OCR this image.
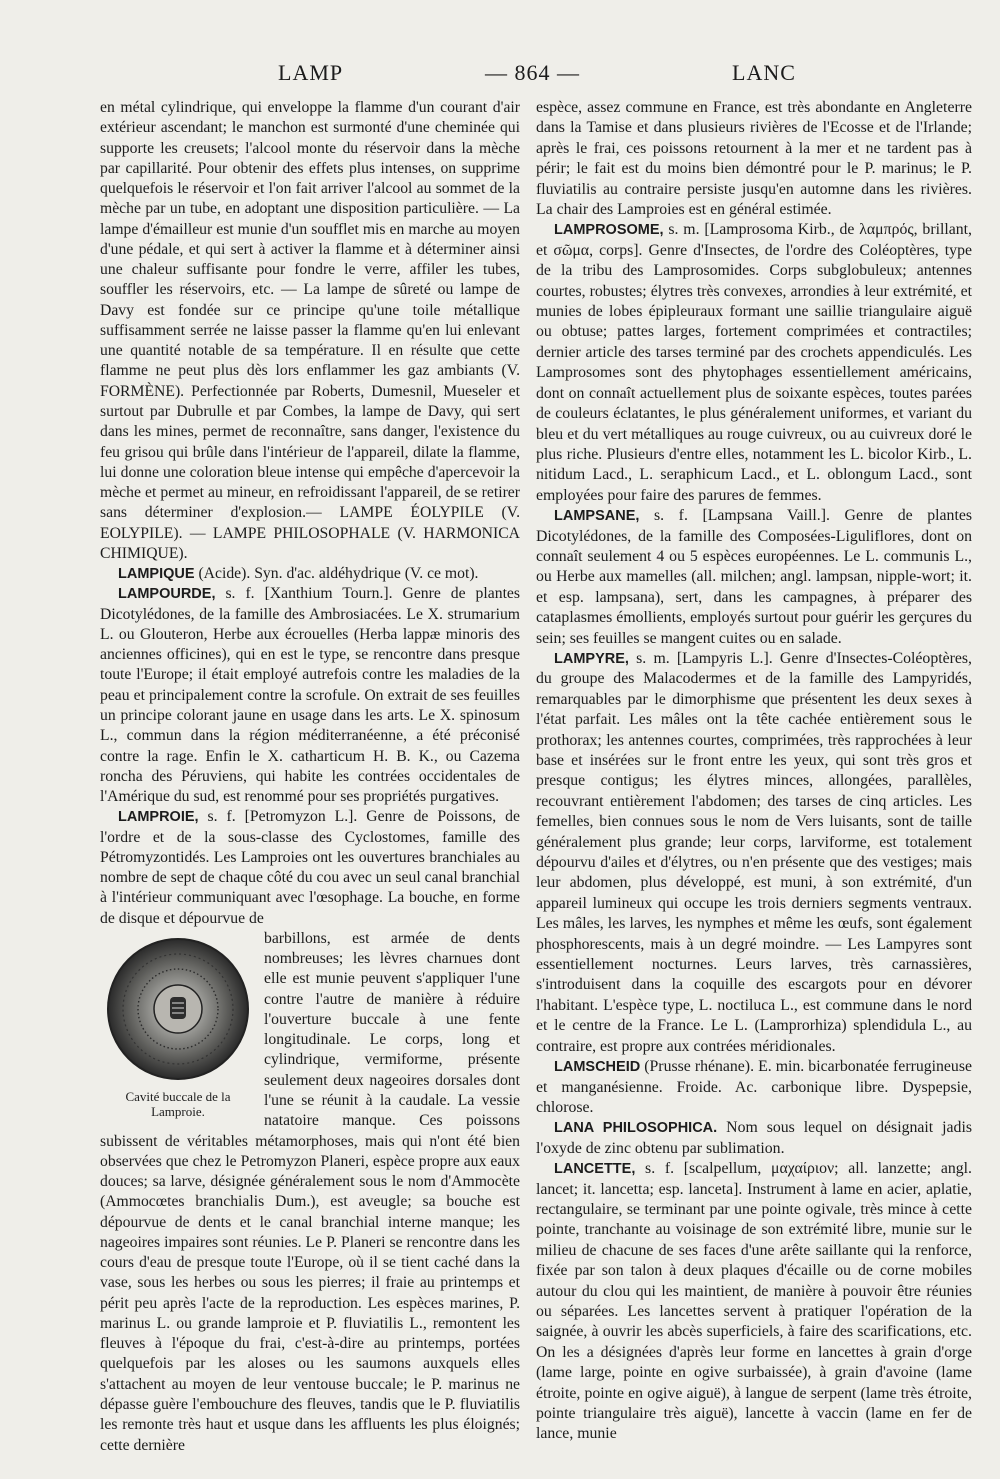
LAMP	— 864 —	LANC

en métal cylindrique, qui enveloppe la flamme d'un courant d'air extérieur ascendant; le manchon est surmonté d'une cheminée qui supporte les creusets; l'alcool monte du réservoir dans la mèche par capillarité. Pour obtenir des effets plus intenses, on supprime quelquefois le réservoir et l'on fait arriver l'alcool au sommet de la mèche par un tube, en adoptant une disposition particulière. — La lampe d'émailleur est munie d'un soufflet mis en marche au moyen d'une pédale, et qui sert à activer la flamme et à déterminer ainsi une chaleur suffisante pour fondre le verre, affiler les tubes, souffler les réservoirs, etc. — La lampe de sûreté ou lampe de Davy est fondée sur ce principe qu'une toile métallique suffisamment serrée ne laisse passer la flamme qu'en lui enlevant une quantité notable de sa température. Il en résulte que cette flamme ne peut plus dès lors enflammer les gaz ambiants (V. FORMÈNE). Perfectionnée par Roberts, Dumesnil, Mueseler et surtout par Dubrulle et par Combes, la lampe de Davy, qui sert dans les mines, permet de reconnaître, sans danger, l'existence du feu grisou qui brûle dans l'intérieur de l'appareil, dilate la flamme, lui donne une coloration bleue intense qui empêche d'apercevoir la mèche et permet au mineur, en refroidissant l'appareil, de se retirer sans déterminer d'explosion.— LAMPE ÉOLYPILE (V. EOLYPILE). — LAMPE PHILOSOPHALE (V. HARMONICA CHIMIQUE).

LAMPIQUE (Acide). Syn. d'ac. aldéhydrique (V. ce mot).

LAMPOURDE, s. f. [Xanthium Tourn.]. Genre de plantes Dicotylédones, de la famille des Ambrosiacées. Le X. strumarium L. ou Glouteron, Herbe aux écrouelles (Herba lappæ minoris des anciennes officines), qui en est le type, se rencontre dans presque toute l'Europe; il était employé autrefois contre les maladies de la peau et principalement contre la scrofule. On extrait de ses feuilles un principe colorant jaune en usage dans les arts. Le X. spinosum L., commun dans la région méditerranéenne, a été préconisé contre la rage. Enfin le X. catharticum H. B. K., ou Cazema roncha des Péruviens, qui habite les contrées occidentales de l'Amérique du sud, est renommé pour ses propriétés purgatives.

LAMPROIE, s. f. [Petromyzon L.]. Genre de Poissons, de l'ordre et de la sous-classe des Cyclostomes, famille des Pétromyzontidés. Les Lamproies ont les ouvertures branchiales au nombre de sept de chaque côté du cou avec un seul canal branchial à l'intérieur communiquant avec l'œsophage. La bouche, en forme de disque et dépourvue de

Cavité buccale de la Lamproie.

barbillons, est armée de dents nombreuses; les lèvres charnues dont elle est munie peuvent s'appliquer l'une contre l'autre de manière à réduire l'ouverture buccale à une fente longitudinale. Le corps, long et cylindrique, vermiforme, présente seulement deux nageoires dorsales dont l'une se réunit à la caudale. La vessie natatoire manque. Ces poissons subissent de véritables métamorphoses, mais qui n'ont été bien observées que chez le Petromyzon Planeri, espèce propre aux eaux douces; sa larve, désignée généralement sous le nom d'Ammocète (Ammocœtes branchialis Dum.), est aveugle; sa bouche est dépourvue de dents et le canal branchial interne manque; les nageoires impaires sont réunies. Le P. Planeri se rencontre dans les cours d'eau de presque toute l'Europe, où il se tient caché dans la vase, sous les herbes ou sous les pierres; il fraie au printemps et périt peu après l'acte de la reproduction. Les espèces marines, P. marinus L. ou grande lamproie et P. fluviatilis L., remontent les fleuves à l'époque du frai, c'est-à-dire au printemps, portées quelquefois par les aloses ou les saumons auxquels elles s'attachent au moyen de leur ventouse buccale; le P. marinus ne dépasse guère l'embouchure des fleuves, tandis que le P. fluviatilis les remonte très haut et usque dans les affluents les plus éloignés; cette dernière

espèce, assez commune en France, est très abondante en Angleterre dans la Tamise et dans plusieurs rivières de l'Ecosse et de l'Irlande; après le frai, ces poissons retournent à la mer et ne tardent pas à périr; le fait est du moins bien démontré pour le P. marinus; le P. fluviatilis au contraire persiste jusqu'en automne dans les rivières. La chair des Lamproies est en général estimée.

LAMPROSOME, s. m. [Lamprosoma Kirb., de λαμπρός, brillant, et σῶμα, corps]. Genre d'Insectes, de l'ordre des Coléoptères, type de la tribu des Lamprosomides. Corps subglobuleux; antennes courtes, robustes; élytres très convexes, arrondies à leur extrémité, et munies de lobes épipleuraux formant une saillie triangulaire aiguë ou obtuse; pattes larges, fortement comprimées et contractiles; dernier article des tarses terminé par des crochets appendiculés. Les Lamprosomes sont des phytophages essentiellement américains, dont on connaît actuellement plus de soixante espèces, toutes parées de couleurs éclatantes, le plus généralement uniformes, et variant du bleu et du vert métalliques au rouge cuivreux, ou au cuivreux doré le plus riche. Plusieurs d'entre elles, notamment les L. bicolor Kirb., L. nitidum Lacd., L. seraphicum Lacd., et L. oblongum Lacd., sont employées pour faire des parures de femmes.

LAMPSANE, s. f. [Lampsana Vaill.]. Genre de plantes Dicotylédones, de la famille des Composées-Liguliflores, dont on connaît seulement 4 ou 5 espèces européennes. Le L. communis L., ou Herbe aux mamelles (all. milchen; angl. lampsan, nipple-wort; it. et esp. lampsana), sert, dans les campagnes, à préparer des cataplasmes émollients, employés surtout pour guérir les gerçures du sein; ses feuilles se mangent cuites ou en salade.

LAMPYRE, s. m. [Lampyris L.]. Genre d'Insectes-Coléoptères, du groupe des Malacodermes et de la famille des Lampyridés, remarquables par le dimorphisme que présentent les deux sexes à l'état parfait. Les mâles ont la tête cachée entièrement sous le prothorax; les antennes courtes, comprimées, très rapprochées à leur base et insérées sur le front entre les yeux, qui sont très gros et presque contigus; les élytres minces, allongées, parallèles, recouvrant entièrement l'abdomen; des tarses de cinq articles. Les femelles, bien connues sous le nom de Vers luisants, sont de taille généralement plus grande; leur corps, larviforme, est totalement dépourvu d'ailes et d'élytres, ou n'en présente que des vestiges; mais leur abdomen, plus développé, est muni, à son extrémité, d'un appareil lumineux qui occupe les trois derniers segments ventraux. Les mâles, les larves, les nymphes et même les œufs, sont également phosphorescents, mais à un degré moindre. — Les Lampyres sont essentiellement nocturnes. Leurs larves, très carnassières, s'introduisent dans la coquille des escargots pour en dévorer l'habitant. L'espèce type, L. noctiluca L., est commune dans le nord et le centre de la France. Le L. (Lamprorhiza) splendidula L., au contraire, est propre aux contrées méridionales.

LAMSCHEID (Prusse rhénane). E. min. bicarbonatée ferrugineuse et manganésienne. Froide. Ac. carbonique libre. Dyspepsie, chlorose.

LANA PHILOSOPHICA. Nom sous lequel on désignait jadis l'oxyde de zinc obtenu par sublimation.

LANCETTE, s. f. [scalpellum, μαχαίριον; all. lanzette; angl. lancet; it. lancetta; esp. lanceta]. Instrument à lame en acier, aplatie, rectangulaire, se terminant par une pointe ogivale, très mince à cette pointe, tranchante au voisinage de son extrémité libre, munie sur le milieu de chacune de ses faces d'une arête saillante qui la renforce, fixée par son talon à deux plaques d'écaille ou de corne mobiles autour du clou qui les maintient, de manière à pouvoir être réunies ou séparées. Les lancettes servent à pratiquer l'opération de la saignée, à ouvrir les abcès superficiels, à faire des scarifications, etc. On les a désignées d'après leur forme en lancettes à grain d'orge (lame large, pointe en ogive surbaissée), à grain d'avoine (lame étroite, pointe en ogive aiguë), à langue de serpent (lame très étroite, pointe triangulaire très aiguë), lancette à vaccin (lame en fer de lance, munie
